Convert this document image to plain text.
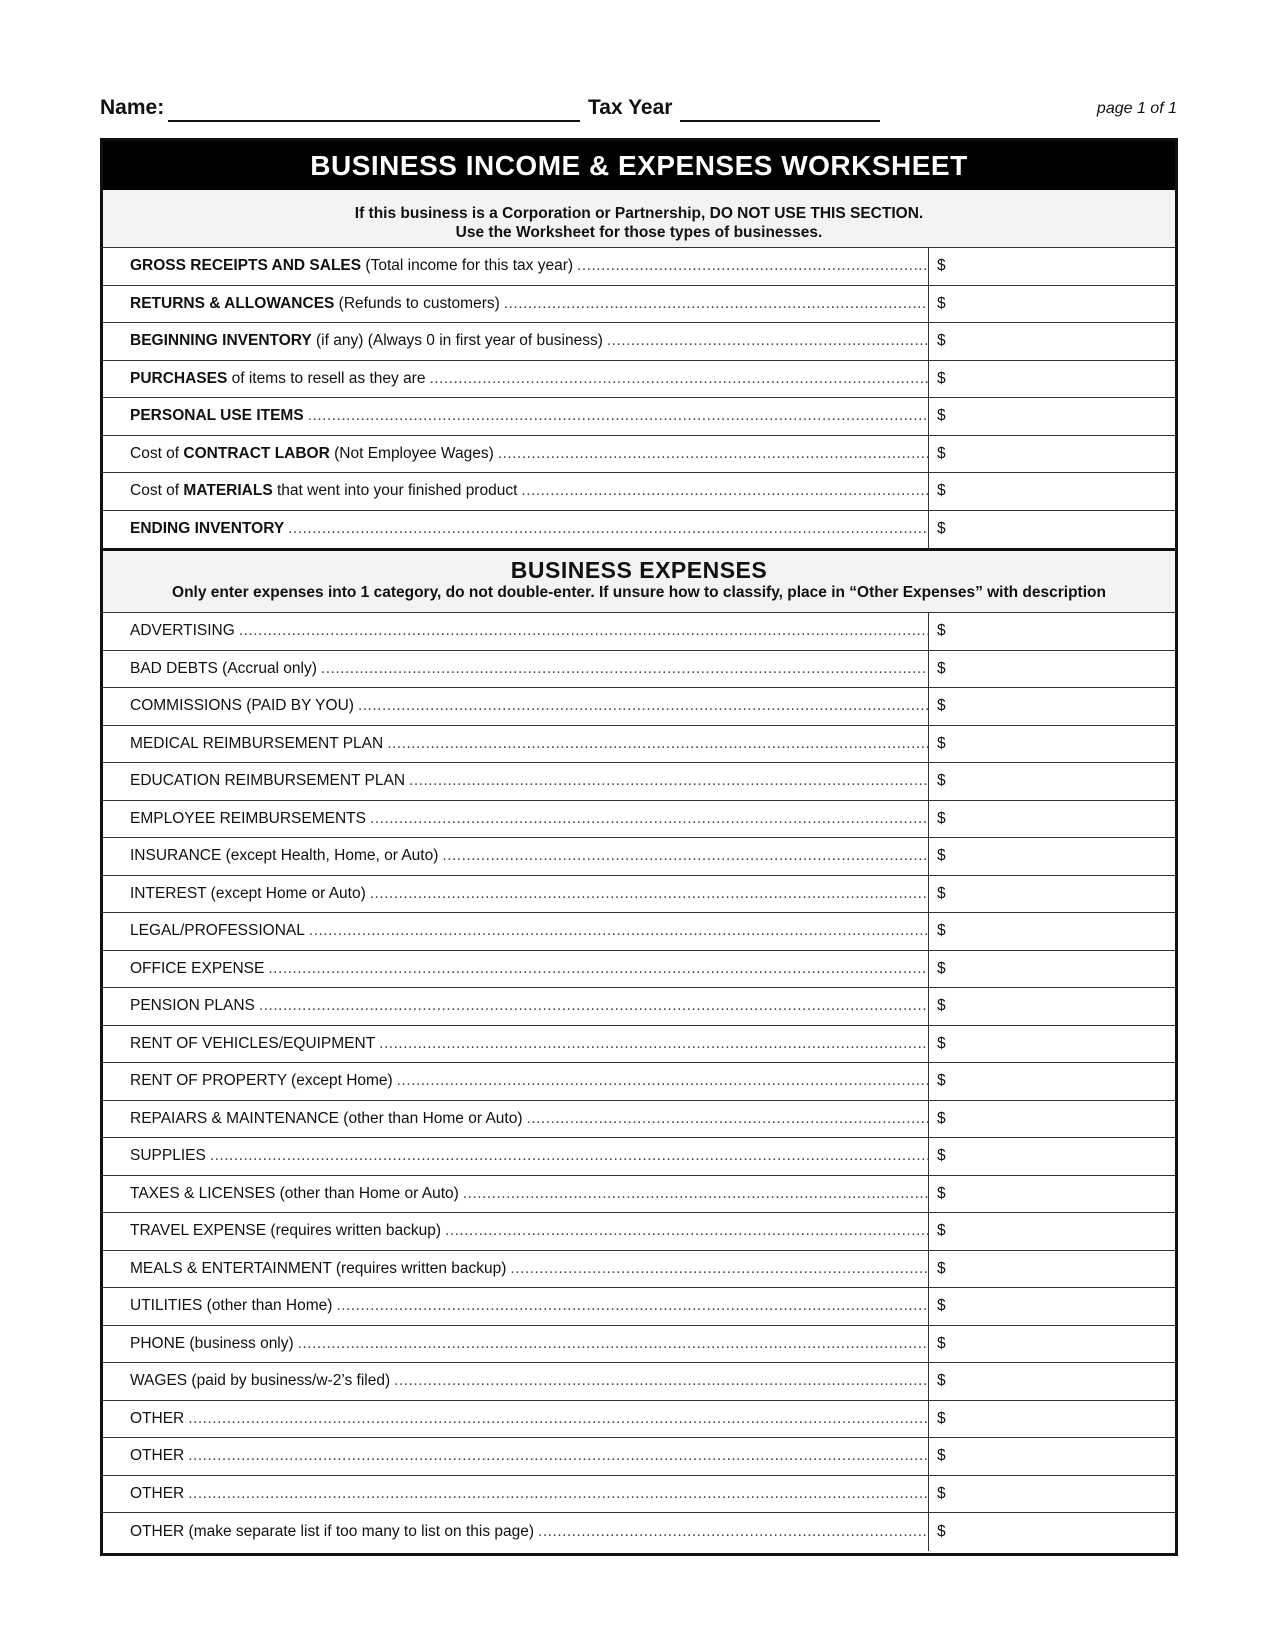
Name:	Tax Year	page 1 of 1
BUSINESS INCOME & EXPENSES WORKSHEET
If this business is a Corporation or Partnership, DO NOT USE THIS SECTION.
Use the Worksheet for those types of businesses.
GROSS RECEIPTS AND SALES (Total income for this tax year) .....	$
RETURNS & ALLOWANCES (Refunds to customers) .....	$
BEGINNING INVENTORY (if any) (Always 0 in first year of business) .....	$
PURCHASES of items to resell as they are .....	$
PERSONAL USE ITEMS .....	$
Cost of CONTRACT LABOR (Not Employee Wages) .....	$
Cost of MATERIALS that went into your finished product .....	$
ENDING INVENTORY .....	$
BUSINESS EXPENSES
Only enter expenses into 1 category, do not double-enter. If unsure how to classify, place in “Other Expenses” with description
ADVERTISING .....	$
BAD DEBTS (Accrual only) .....	$
COMMISSIONS (PAID BY YOU) .....	$
MEDICAL REIMBURSEMENT PLAN .....	$
EDUCATION REIMBURSEMENT PLAN .....	$
EMPLOYEE REIMBURSEMENTS .....	$
INSURANCE (except Health, Home, or Auto) .....	$
INTEREST (except Home or Auto) .....	$
LEGAL/PROFESSIONAL .....	$
OFFICE EXPENSE .....	$
PENSION PLANS .....	$
RENT OF VEHICLES/EQUIPMENT .....	$
RENT OF PROPERTY (except Home) .....	$
REPAIARS & MAINTENANCE (other than Home or Auto) .....	$
SUPPLIES .....	$
TAXES & LICENSES (other than Home or Auto) .....	$
TRAVEL EXPENSE (requires written backup) .....	$
MEALS & ENTERTAINMENT (requires written backup) .....	$
UTILITIES (other than Home) .....	$
PHONE (business only) .....	$
WAGES (paid by business/w-2’s filed) .....	$
OTHER .....	$
OTHER .....	$
OTHER .....	$
OTHER (make separate list if too many to list on this page) .....	$
